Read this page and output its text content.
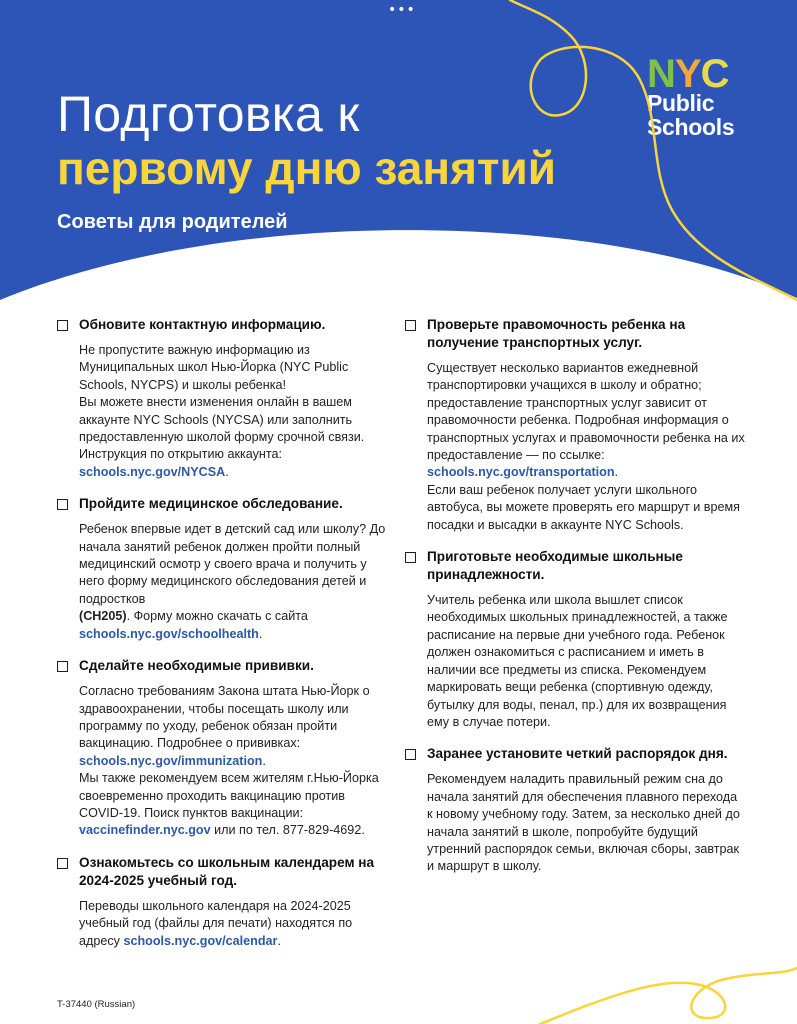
•••
Подготовка к
первому дню занятий
Советы для родителей
N Y C
Public
Schools
Обновите контактную информацию.

Не пропустите важную информацию из Муниципальных школ Нью-Йорка (NYC Public Schools, NYCPS) и школы ребенка!

Вы можете внести изменения онлайн в вашем аккаунте NYC Schools (NYCSA) или заполнить предоставленную школой форму срочной связи. Инструкция по открытию аккаунта: schools.nyc.gov/NYCSA.

Пройдите медицинское обследование.

Ребенок впервые идет в детский сад или школу? До начала занятий ребенок должен пройти полный медицинский осмотр у своего врача и получить у него форму медицинского обследования детей и подростков
(CH205). Форму можно скачать с сайта
schools.nyc.gov/schoolhealth.

Сделайте необходимые прививки.

Согласно требованиям Закона штата Нью-Йорк о здравоохранении, чтобы посещать школу или программу по уходу, ребенок обязан пройти вакцинацию. Подробнее о прививках: schools.nyc.gov/immunization.

Мы также рекомендуем всем жителям г.Нью-Йорка своевременно проходить вакцинацию против COVID-19. Поиск пунктов вакцинации: vaccinefinder.nyc.gov или по тел. 877-829-4692.

Ознакомьтесь со школьным календарем на 2024-2025 учебный год.

Переводы школьного календаря на 2024-2025 учебный год (файлы для печати) находятся по адресу schools.nyc.gov/calendar.

Проверьте правомочность ребенка на получение транспортных услуг.

Существует несколько вариантов ежедневной транспортировки учащихся в школу и обратно; предоставление транспортных услуг зависит от правомочности ребенка. Подробная информация о транспортных услугах и правомочности ребенка на их предоставление — по ссылке: schools.nyc.gov/transportation.

Если ваш ребенок получает услуги школьного автобуса, вы можете проверять его маршрут и время посадки и высадки в аккаунте NYC Schools.

Приготовьте необходимые школьные принадлежности.

Учитель ребенка или школа вышлет список необходимых школьных принадлежностей, а также расписание на первые дни учебного года. Ребенок должен ознакомиться с расписанием и иметь в наличии все предметы из списка. Рекомендуем маркировать вещи ребенка (спортивную одежду, бутылку для воды, пенал, пр.) для их возвращения ему в случае потери.

Заранее установите четкий распорядок дня.

Рекомендуем наладить правильный режим сна до начала занятий для обеспечения плавного перехода к новому учебному году. Затем, за несколько дней до начала занятий в школе, попробуйте будущий утренний распорядок семьи, включая сборы, завтрак и маршрут в школу.

T-37440 (Russian)
